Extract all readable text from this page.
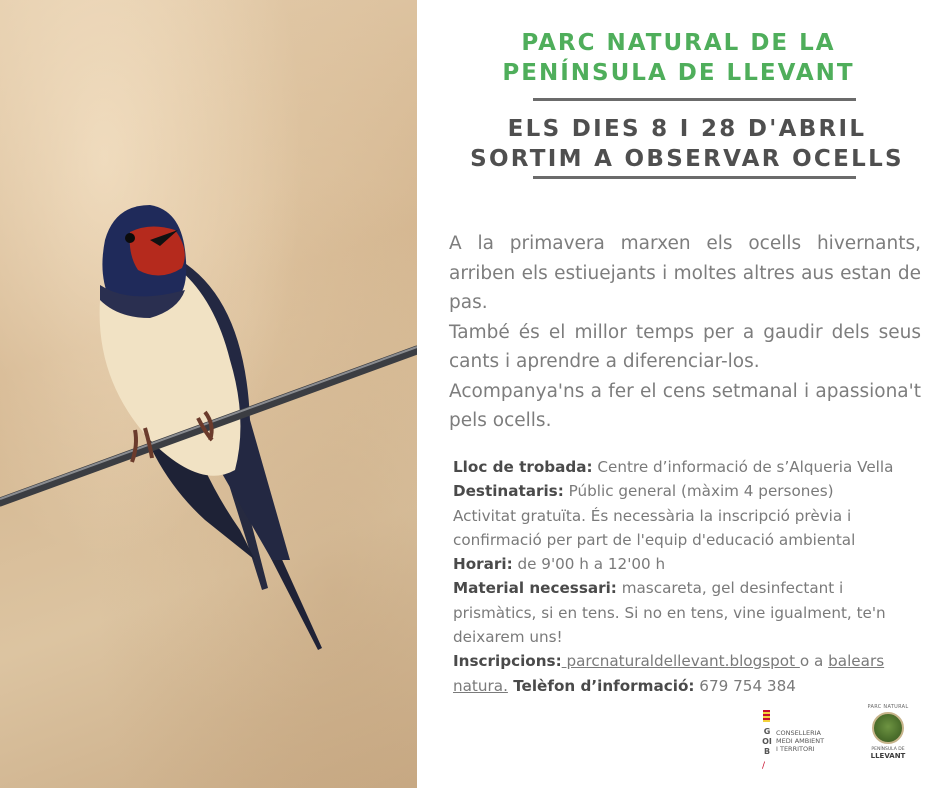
PARC NATURAL DE LA
PENÍNSULA DE LLEVANT
ELS DIES 8 I 28 D'ABRIL
SORTIM A OBSERVAR OCELLS

A la primavera marxen els ocells hivernants, arriben els estiuejants i moltes altres aus estan de pas.

També és el millor temps per a gaudir dels seus cants i aprendre a diferenciar-los.

Acompanya'ns a fer el cens setmanal i apassiona't pels ocells.

Lloc de trobada: Centre d’informació de s’Alqueria Vella

Destinataris: Públic general (màxim 4 persones)

Activitat gratuïta. És necessària la inscripció prèvia i confirmació per part de l'equip d'educació ambiental

Horari: de 9'00 h a 12'00 h

Material necessari: mascareta, gel desinfectant i prismàtics, si en tens. Si no en tens, vine igualment, te'n deixarem uns!

Inscripcions: parcnaturaldellevant.blogspot o a balears natura. Telèfon d’informació: 679 754 384

GOIB
CONSELLERIA
MEDI AMBIENT
I TERRITORI
/
PARC NATURAL
PENÍNSULA DE
LLEVANT
